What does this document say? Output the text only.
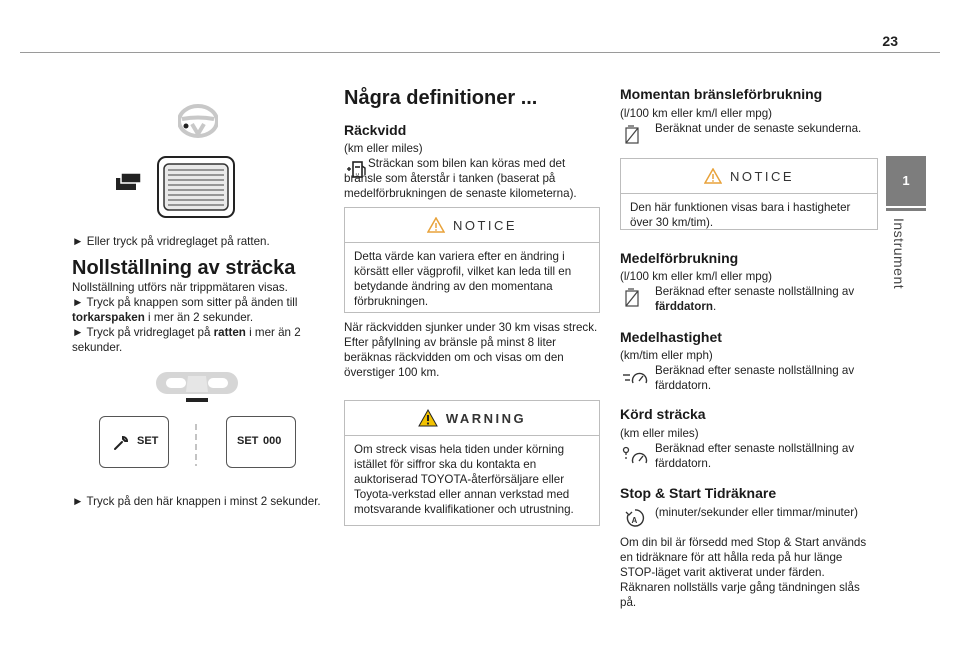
23
1
Instrument
► Eller tryck på vridreglaget på ratten.
Nollställning av sträcka

Nollställning utförs när trippmätaren visas.

► Tryck på knappen som sitter på änden till
torkarspaken i mer än 2 sekunder.

► Tryck på vridreglaget på ratten i mer än 2 sekunder.

SET	SET 000
► Tryck på den här knappen i minst 2 sekunder.
Några definitioner ...
Räckvidd

(km eller miles)

Sträckan som bilen kan köras med det bränsle som återstår i tanken (baserat på medelförbrukningen de senaste kilometerna).

NOTICE
Detta värde kan variera efter en ändring i körsätt eller vägprofil, vilket kan leda till en betydande ändring av den momentana förbrukningen.

När räckvidden sjunker under 30 km visas streck.

Efter påfyllning av bränsle på minst 8 liter beräknas räckvidden om och visas om den överstiger 100 km.

WARNING
Om streck visas hela tiden under körning istället för siffror ska du kontakta en auktoriserad TOYOTA-återförsäljare eller Toyota-verkstad eller annan verkstad med motsvarande kvalifikationer och utrustning.
Momentan bränsleförbrukning

(l/100 km eller km/l eller mpg)

Beräknat under de senaste sekunderna.

NOTICE
Den här funktionen visas bara i hastigheter över 30 km/tim).
Medelförbrukning

(l/100 km eller km/l eller mpg)

Beräknad efter senaste nollställning av färddatorn.

Medelhastighet

(km/tim eller mph)

Beräknad efter senaste nollställning av färddatorn.

Körd sträcka

(km eller miles)

Beräknad efter senaste nollställning av färddatorn.

Stop & Start Tidräknare
A

(minuter/sekunder eller timmar/minuter)

Om din bil är försedd med Stop & Start används en tidräknare för att hålla reda på hur länge STOP-läget varit aktiverat under färden. Räknaren nollställs varje gång tändningen slås på.
